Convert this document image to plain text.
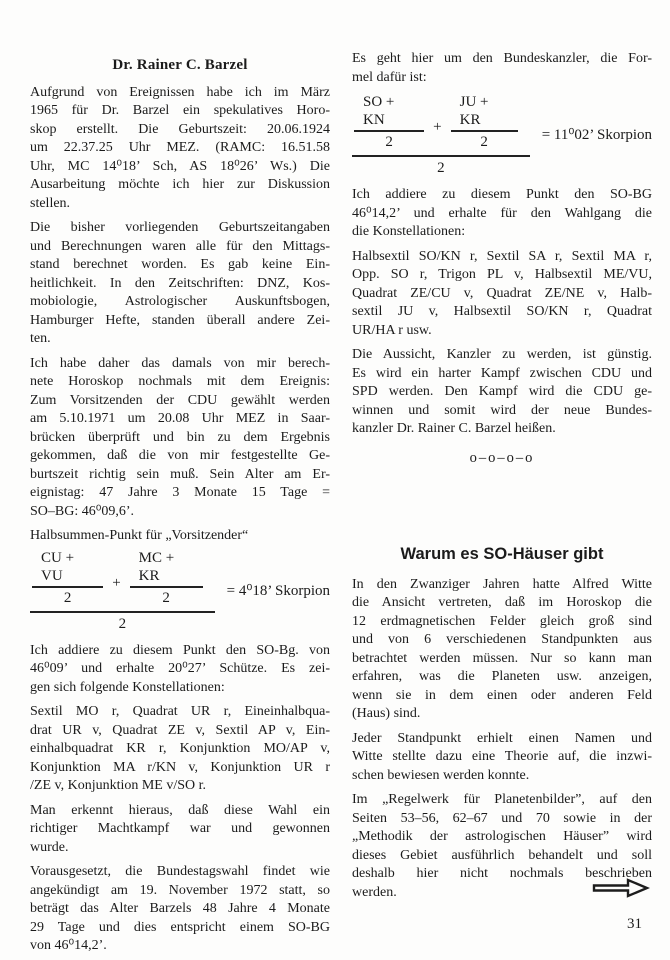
Dr. Rainer C. Barzel
Aufgrund von Ereignissen habe ich im März
1965 für Dr. Barzel ein spekulatives Horo-
skop erstellt. Die Geburtszeit: 20.06.1924
um 22.37.25 Uhr MEZ. (RAMC: 16.51.58
Uhr, MC 14⁰18’ Sch, AS 18⁰26’ Ws.) Die
Ausarbeitung möchte ich hier zur Diskussion
stellen.
Die bisher vorliegenden Geburtszeitangaben
und Berechnungen waren alle für den Mittags-
stand berechnet worden. Es gab keine Ein-
heitlichkeit. In den Zeitschriften: DNZ, Kos-
mobiologie, Astrologischer Auskunftsbogen,
Hamburger Hefte, standen überall andere Zei-
ten.
Ich habe daher das damals von mir berech-
nete Horoskop nochmals mit dem Ereignis:
Zum Vorsitzenden der CDU gewählt werden
am 5.10.1971 um 20.08 Uhr MEZ in Saar-
brücken überprüft und bin zu dem Ergebnis
gekommen, daß die von mir festgestellte Ge-
burtszeit richtig sein muß. Sein Alter am Er-
eignistag: 47 Jahre 3 Monate 15 Tage =
SO–BG: 46⁰09,6’.
Halbsummen-Punkt für „Vorsitzender“
$\frac{CU + VU}{2} + \frac{MC + KR}{2}$
2
= 4⁰18’ Skorpion
Ich addiere zu diesem Punkt den SO-Bg. von
46⁰09’ und erhalte 20⁰27’ Schütze. Es zei-
gen sich folgende Konstellationen:
Sextil MO r, Quadrat UR r, Eineinhalbqua-
drat UR v, Quadrat ZE v, Sextil AP v, Ein-
einhalbquadrat KR r, Konjunktion MO/AP v,
Konjunktion MA r/KN v, Konjunktion UR r
/ZE v, Konjunktion ME v/SO r.
Man erkennt hieraus, daß diese Wahl ein
richtiger Machtkampf war und gewonnen
wurde.
Vorausgesetzt, die Bundestagswahl findet wie
angekündigt am 19. November 1972 statt, so
beträgt das Alter Barzels 48 Jahre 4 Monate
29 Tage und dies entspricht einem SO-BG
von 46⁰14,2’.
Es geht hier um den Bundeskanzler, die For-
mel dafür ist:
$\frac{SO + KN}{2} + \frac{JU + KR}{2}$
2
= 11⁰02’ Skorpion
Ich addiere zu diesem Punkt den SO-BG
46⁰14,2’ und erhalte für den Wahlgang die
die Konstellationen:
Halbsextil SO/KN r, Sextil SA r, Sextil MA r,
Opp. SO r, Trigon PL v, Halbsextil ME/VU,
Quadrat ZE/CU v, Quadrat ZE/NE v, Halb-
sextil JU v, Halbsextil SO/KN r, Quadrat
UR/HA r usw.
Die Aussicht, Kanzler zu werden, ist günstig.
Es wird ein harter Kampf zwischen CDU und
SPD werden. Den Kampf wird die CDU ge-
winnen und somit wird der neue Bundes-
kanzler Dr. Rainer C. Barzel heißen.
o–o–o–o
Warum es SO-Häuser gibt
In den Zwanziger Jahren hatte Alfred Witte
die Ansicht vertreten, daß im Horoskop die
12 erdmagnetischen Felder gleich groß sind
und von 6 verschiedenen Standpunkten aus
betrachtet werden müssen. Nur so kann man
erfahren, was die Planeten usw. anzeigen,
wenn sie in dem einen oder anderen Feld
(Haus) sind.
Jeder Standpunkt erhielt einen Namen und
Witte stellte dazu eine Theorie auf, die inzwi-
schen bewiesen werden konnte.
Im „Regelwerk für Planetenbilder”, auf den
Seiten 53–56, 62–67 und 70 sowie in der
„Methodik der astrologischen Häuser” wird
dieses Gebiet ausführlich behandelt und soll
deshalb hier nicht nochmals beschrieben
werden.
31
